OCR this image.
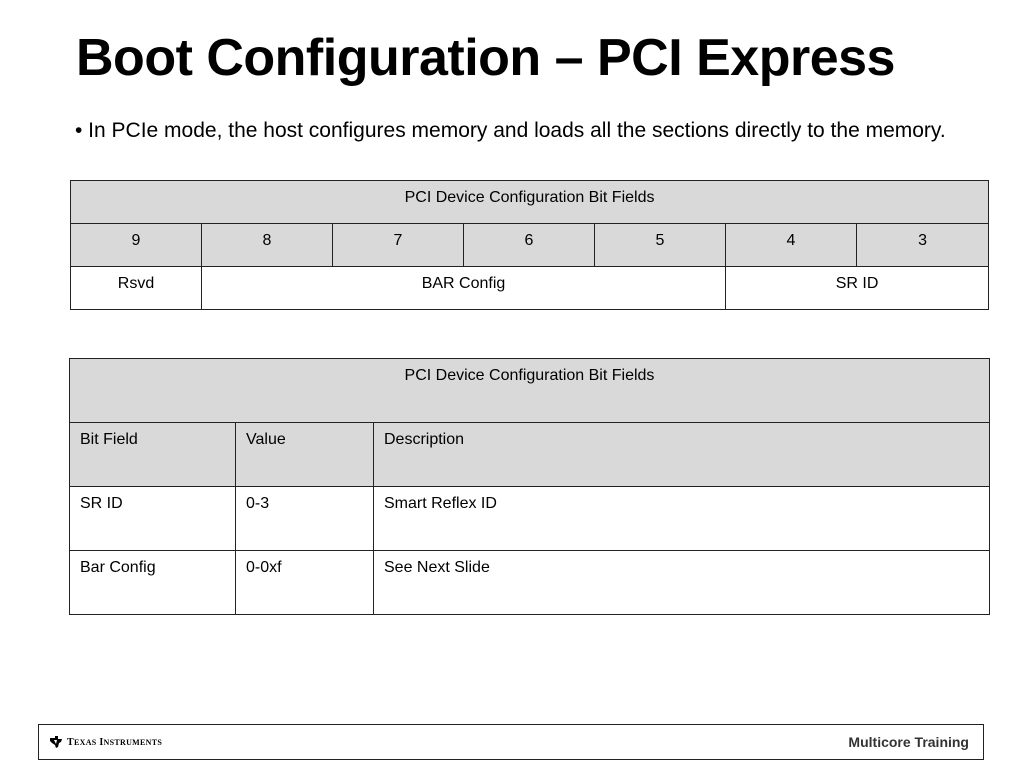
Boot Configuration – PCI Express
• In PCIe mode, the host configures memory and loads all the sections directly to the memory.
PCI Device Configuration Bit Fields						
9	8	7	6	5	4	3
Rsvd	BAR Config				SR ID	
PCI Device Configuration Bit Fields		
Bit Field	Value	Description
SR ID	0-3	Smart Reflex ID
Bar Config	0-0xf	See Next Slide
TEXAS INSTRUMENTS	Multicore Training
